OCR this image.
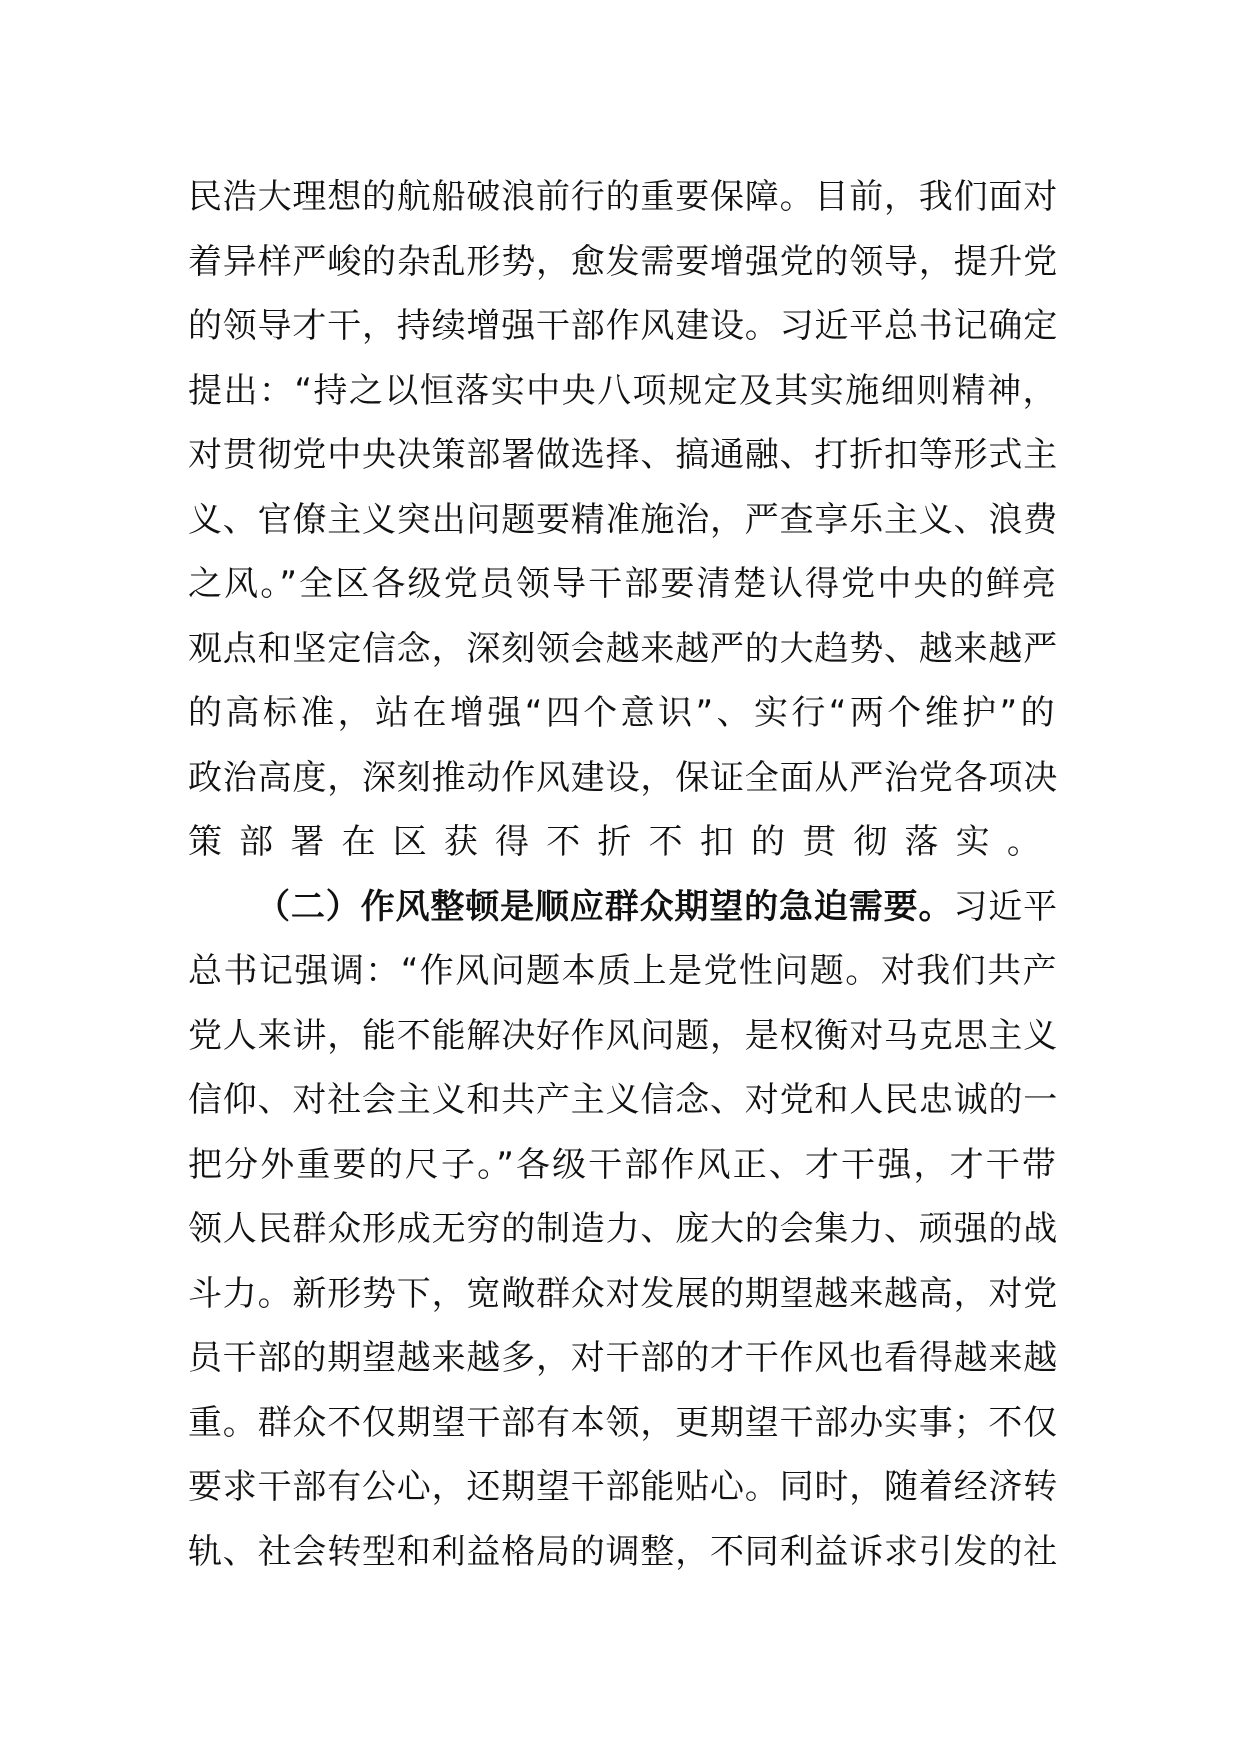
民浩大理想的航船破浪前行的重要保障。目前，我们面对
着异样严峻的杂乱形势，愈发需要增强党的领导，提升党
的领导才干，持续增强干部作风建设。习近平总书记确定
提出：“持之以恒落实中央八项规定及其实施细则精神，
对贯彻党中央决策部署做选择、搞通融、打折扣等形式主
义、官僚主义突出问题要精准施治，严查享乐主义、浪费
之风。”全区各级党员领导干部要清楚认得党中央的鲜亮
观点和坚定信念，深刻领会越来越严的大趋势、越来越严
的高标准，站在增强“四个意识”、实行“两个维护”的
政治高度，深刻推动作风建设，保证全面从严治党各项决
策部署在区获得不折不扣的贯彻落实。
（二）作风整顿是顺应群众期望的急迫需要。习近平
总书记强调：“作风问题本质上是党性问题。对我们共产
党人来讲，能不能解决好作风问题，是权衡对马克思主义
信仰、对社会主义和共产主义信念、对党和人民忠诚的一
把分外重要的尺子。”各级干部作风正、才干强，才干带
领人民群众形成无穷的制造力、庞大的会集力、顽强的战
斗力。新形势下，宽敞群众对发展的期望越来越高，对党
员干部的期望越来越多，对干部的才干作风也看得越来越
重。群众不仅期望干部有本领，更期望干部办实事；不仅
要求干部有公心，还期望干部能贴心。同时，随着经济转
轨、社会转型和利益格局的调整，不同利益诉求引发的社
